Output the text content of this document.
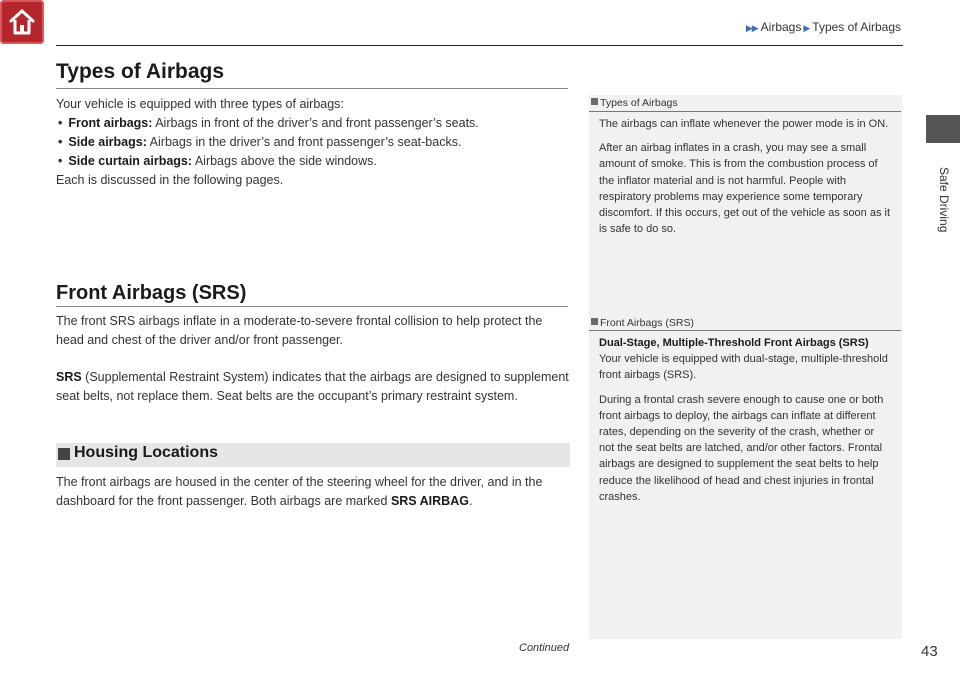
▶▶ Airbags ▶ Types of Airbags
Safe Driving
Types of Airbags
Your vehicle is equipped with three types of airbags:
• Front airbags: Airbags in front of the driver’s and front passenger’s seats.
• Side airbags: Airbags in the driver’s and front passenger’s seat-backs.
• Side curtain airbags: Airbags above the side windows.
Each is discussed in the following pages.
Front Airbags (SRS)
The front SRS airbags inflate in a moderate-to-severe frontal collision to help protect the head and chest of the driver and/or front passenger.
SRS (Supplemental Restraint System) indicates that the airbags are designed to supplement seat belts, not replace them. Seat belts are the occupant’s primary restraint system.
Housing Locations
The front airbags are housed in the center of the steering wheel for the driver, and in the dashboard for the front passenger. Both airbags are marked SRS AIRBAG.
Types of Airbags

The airbags can inflate whenever the power mode is in ON.

After an airbag inflates in a crash, you may see a small amount of smoke. This is from the combustion process of the inflator material and is not harmful. People with respiratory problems may experience some temporary discomfort. If this occurs, get out of the vehicle as soon as it is safe to do so.

Front Airbags (SRS)
Dual-Stage, Multiple-Threshold Front Airbags (SRS)

Your vehicle is equipped with dual-stage, multiple-threshold front airbags (SRS).

During a frontal crash severe enough to cause one or both front airbags to deploy, the airbags can inflate at different rates, depending on the severity of the crash, whether or not the seat belts are latched, and/or other factors. Frontal airbags are designed to supplement the seat belts to help reduce the likelihood of head and chest injuries in frontal crashes.

Continued	43
